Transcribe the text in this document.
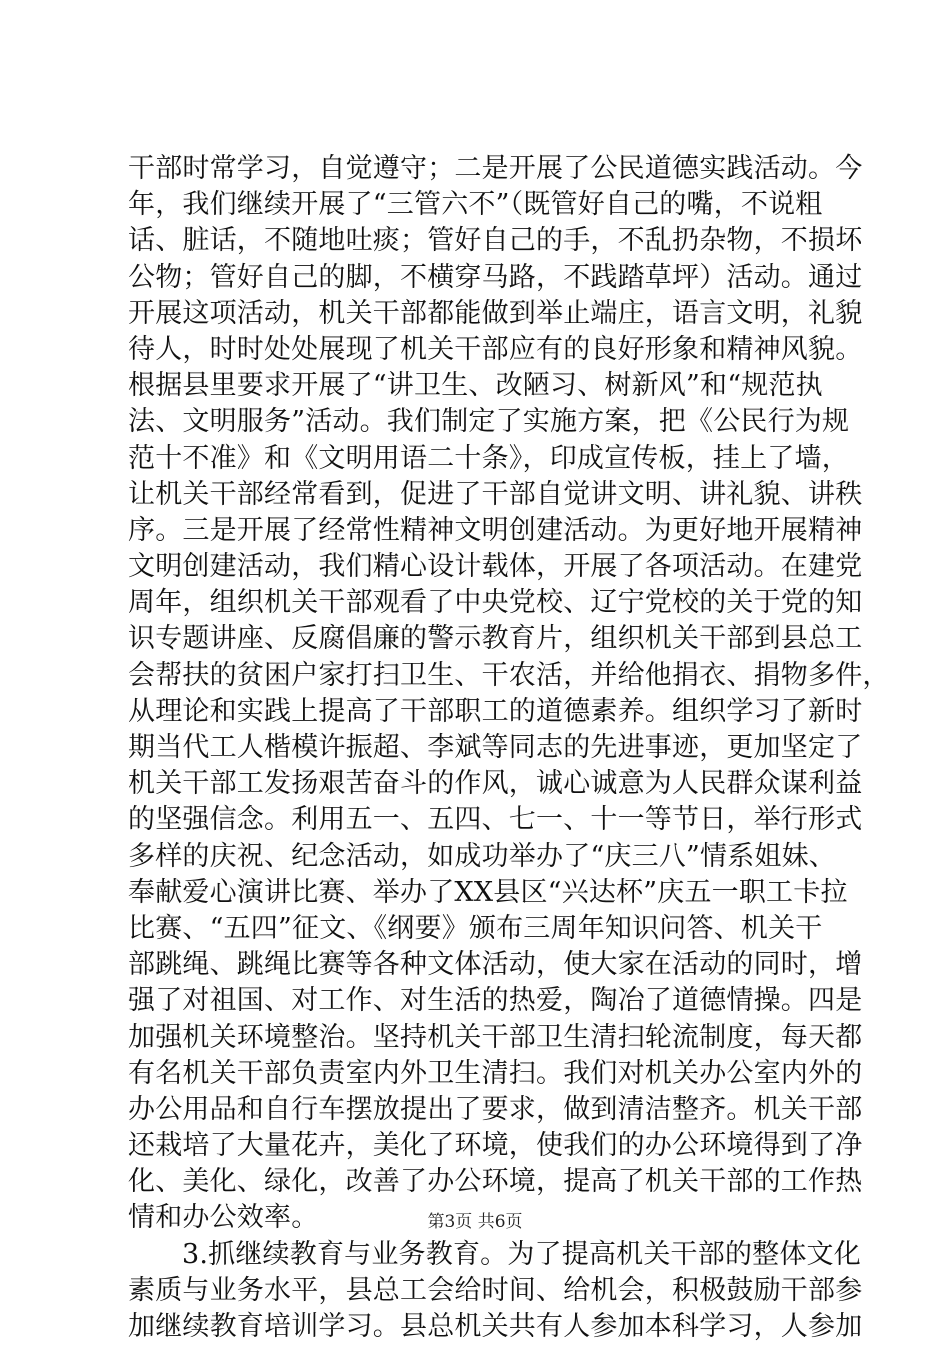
干部时常学习，自觉遵守；二是开展了公民道德实践活动。今
年，我们继续开展了“三管六不”（既管好自己的嘴，不说粗
话、脏话，不随地吐痰；管好自己的手，不乱扔杂物，不损坏
公物；管好自己的脚，不横穿马路，不践踏草坪）活动。通过
开展这项活动，机关干部都能做到举止端庄，语言文明，礼貌
待人，时时处处展现了机关干部应有的良好形象和精神风貌。
根据县里要求开展了“讲卫生、改陋习、树新风”和“规范执
法、文明服务”活动。我们制定了实施方案，把《公民行为规
范十不准》和《文明用语二十条》，印成宣传板，挂上了墙，
让机关干部经常看到，促进了干部自觉讲文明、讲礼貌、讲秩
序。三是开展了经常性精神文明创建活动。为更好地开展精神
文明创建活动，我们精心设计载体，开展了各项活动。在建党
周年，组织机关干部观看了中央党校、辽宁党校的关于党的知
识专题讲座、反腐倡廉的警示教育片，组织机关干部到县总工
会帮扶的贫困户家打扫卫生、干农活，并给他捐衣、捐物多件，
从理论和实践上提高了干部职工的道德素养。组织学习了新时
期当代工人楷模许振超、李斌等同志的先进事迹，更加坚定了
机关干部工发扬艰苦奋斗的作风，诚心诚意为人民群众谋利益
的坚强信念。利用五一、五四、七一、十一等节日，举行形式
多样的庆祝、纪念活动，如成功举办了“庆三八”情系姐妹、
奉献爱心演讲比赛、举办了XX县区“兴达杯”庆五一职工卡拉
比赛、“五四”征文、《纲要》颁布三周年知识问答、机关干
部跳绳、跳绳比赛等各种文体活动，使大家在活动的同时，增
强了对祖国、对工作、对生活的热爱，陶冶了道德情操。四是
加强机关环境整治。坚持机关干部卫生清扫轮流制度，每天都
有名机关干部负责室内外卫生清扫。我们对机关办公室内外的
办公用品和自行车摆放提出了要求，做到清洁整齐。机关干部
还栽培了大量花卉，美化了环境，使我们的办公环境得到了净
化、美化、绿化，改善了办公环境，提高了机关干部的工作热
情和办公效率。
3.抓继续教育与业务教育。为了提高机关干部的整体文化
素质与业务水平，县总工会给时间、给机会，积极鼓励干部参
加继续教育培训学习。县总机关共有人参加本科学习，人参加
第3页 共6页
